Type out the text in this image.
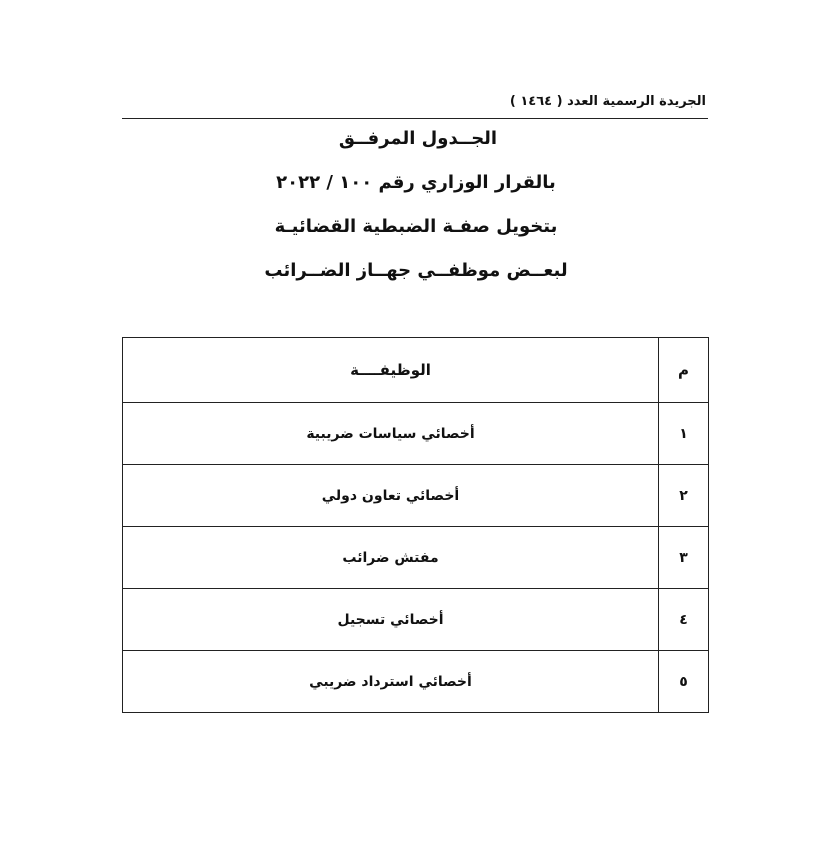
الجريدة الرسمية العدد ( ١٤٦٤ )
الجــدول المرفــق
بالقرار الوزاري رقم ١٠٠ / ٢٠٢٢
بتخويل صفـة الضبطية القضائيـة
لبعــض موظفــي جهــاز الضــرائب
م	الوظيفــــة
١	أخصائي سياسات ضريبية
٢	أخصائي تعاون دولي
٣	مفتش ضرائب
٤	أخصائي تسجيل
٥	أخصائي استرداد ضريبي
